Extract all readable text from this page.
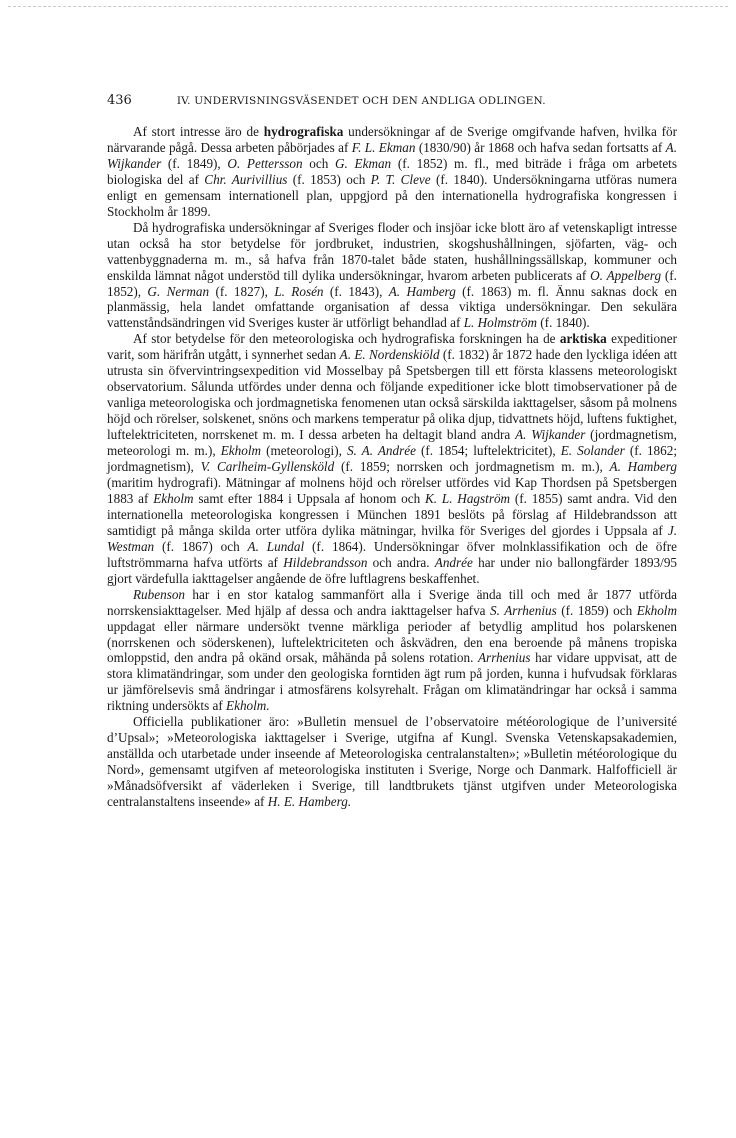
436	IV. UNDERVISNINGSVÄSENDET OCH DEN ANDLIGA ODLINGEN.

Af stort intresse äro de hydrografiska undersökningar af de Sverige omgifvande hafven, hvilka för närvarande pågå. Dessa arbeten påbörjades af F. L. Ekman (1830/90) år 1868 och hafva sedan fortsatts af A. Wijkander (f. 1849), O. Pettersson och G. Ekman (f. 1852) m. fl., med biträde i fråga om arbetets biologiska del af Chr. Aurivillius (f. 1853) och P. T. Cleve (f. 1840). Undersökningarna utföras numera enligt en gemensam internationell plan, uppgjord på den internationella hydrografiska kongressen i Stockholm år 1899.

Då hydrografiska undersökningar af Sveriges floder och insjöar icke blott äro af vetenskapligt intresse utan också ha stor betydelse för jordbruket, industrien, skogshushållningen, sjöfarten, väg- och vattenbyggnaderna m. m., så hafva från 1870-talet både staten, hushållningssällskap, kommuner och enskilda lämnat något understöd till dylika undersökningar, hvarom arbeten publicerats af O. Appelberg (f. 1852), G. Nerman (f. 1827), L. Rosén (f. 1843), A. Hamberg (f. 1863) m. fl. Ännu saknas dock en planmässig, hela landet omfattande organisation af dessa viktiga undersökningar. Den sekulära vattenståndsändringen vid Sveriges kuster är utförligt behandlad af L. Holmström (f. 1840).

Af stor betydelse för den meteorologiska och hydrografiska forskningen ha de arktiska expeditioner varit, som härifrån utgått, i synnerhet sedan A. E. Nordenskiöld (f. 1832) år 1872 hade den lyckliga idéen att utrusta sin öfvervintringsexpedition vid Mosselbay på Spetsbergen till ett första klassens meteorologiskt observatorium. Sålunda utfördes under denna och följande expeditioner icke blott timobservationer på de vanliga meteorologiska och jordmagnetiska fenomenen utan också särskilda iakttagelser, såsom på molnens höjd och rörelser, solskenet, snöns och markens temperatur på olika djup, tidvattnets höjd, luftens fuktighet, luftelektriciteten, norrskenet m. m. I dessa arbeten ha deltagit bland andra A. Wijkander (jordmagnetism, meteorologi m. m.), Ekholm (meteorologi), S. A. Andrée (f. 1854; luftelektricitet), E. Solander (f. 1862; jordmagnetism), V. Carlheim-Gyllensköld (f. 1859; norrsken och jordmagnetism m. m.), A. Hamberg (maritim hydrografi). Mätningar af molnens höjd och rörelser utfördes vid Kap Thordsen på Spetsbergen 1883 af Ekholm samt efter 1884 i Uppsala af honom och K. L. Hagström (f. 1855) samt andra. Vid den internationella meteorologiska kongressen i München 1891 beslöts på förslag af Hildebrandsson att samtidigt på många skilda orter utföra dylika mätningar, hvilka för Sveriges del gjordes i Uppsala af J. Westman (f. 1867) och A. Lundal (f. 1864). Undersökningar öfver molnklassifikation och de öfre luftströmmarna hafva utförts af Hildebrandsson och andra. Andrée har under nio ballongfärder 1893/95 gjort värdefulla iakttagelser angående de öfre luftlagrens beskaffenhet.

Rubenson har i en stor katalog sammanfört alla i Sverige ända till och med år 1877 utförda norrskensiakttagelser. Med hjälp af dessa och andra iakttagelser hafva S. Arrhenius (f. 1859) och Ekholm uppdagat eller närmare undersökt tvenne märkliga perioder af betydlig amplitud hos polarskenen (norrskenen och söderskenen), luftelektriciteten och åskvädren, den ena beroende på månens tropiska omloppstid, den andra på okänd orsak, måhända på solens rotation. Arrhenius har vidare uppvisat, att de stora klimatändringar, som under den geologiska forntiden ägt rum på jorden, kunna i hufvudsak förklaras ur jämförelsevis små ändringar i atmosfärens kolsyrehalt. Frågan om klimatändringar har också i samma riktning undersökts af Ekholm.

Officiella publikationer äro: »Bulletin mensuel de l’observatoire météorologique de l’université d’Upsal»; »Meteorologiska iakttagelser i Sverige, utgifna af Kungl. Svenska Vetenskapsakademien, anställda och utarbetade under inseende af Meteorologiska centralanstalten»; »Bulletin météorologique du Nord», gemensamt utgifven af meteorologiska instituten i Sverige, Norge och Danmark. Halfofficiell är »Månadsöfversikt af väderleken i Sverige, till landtbrukets tjänst utgifven under Meteorologiska centralanstaltens inseende» af H. E. Hamberg.
